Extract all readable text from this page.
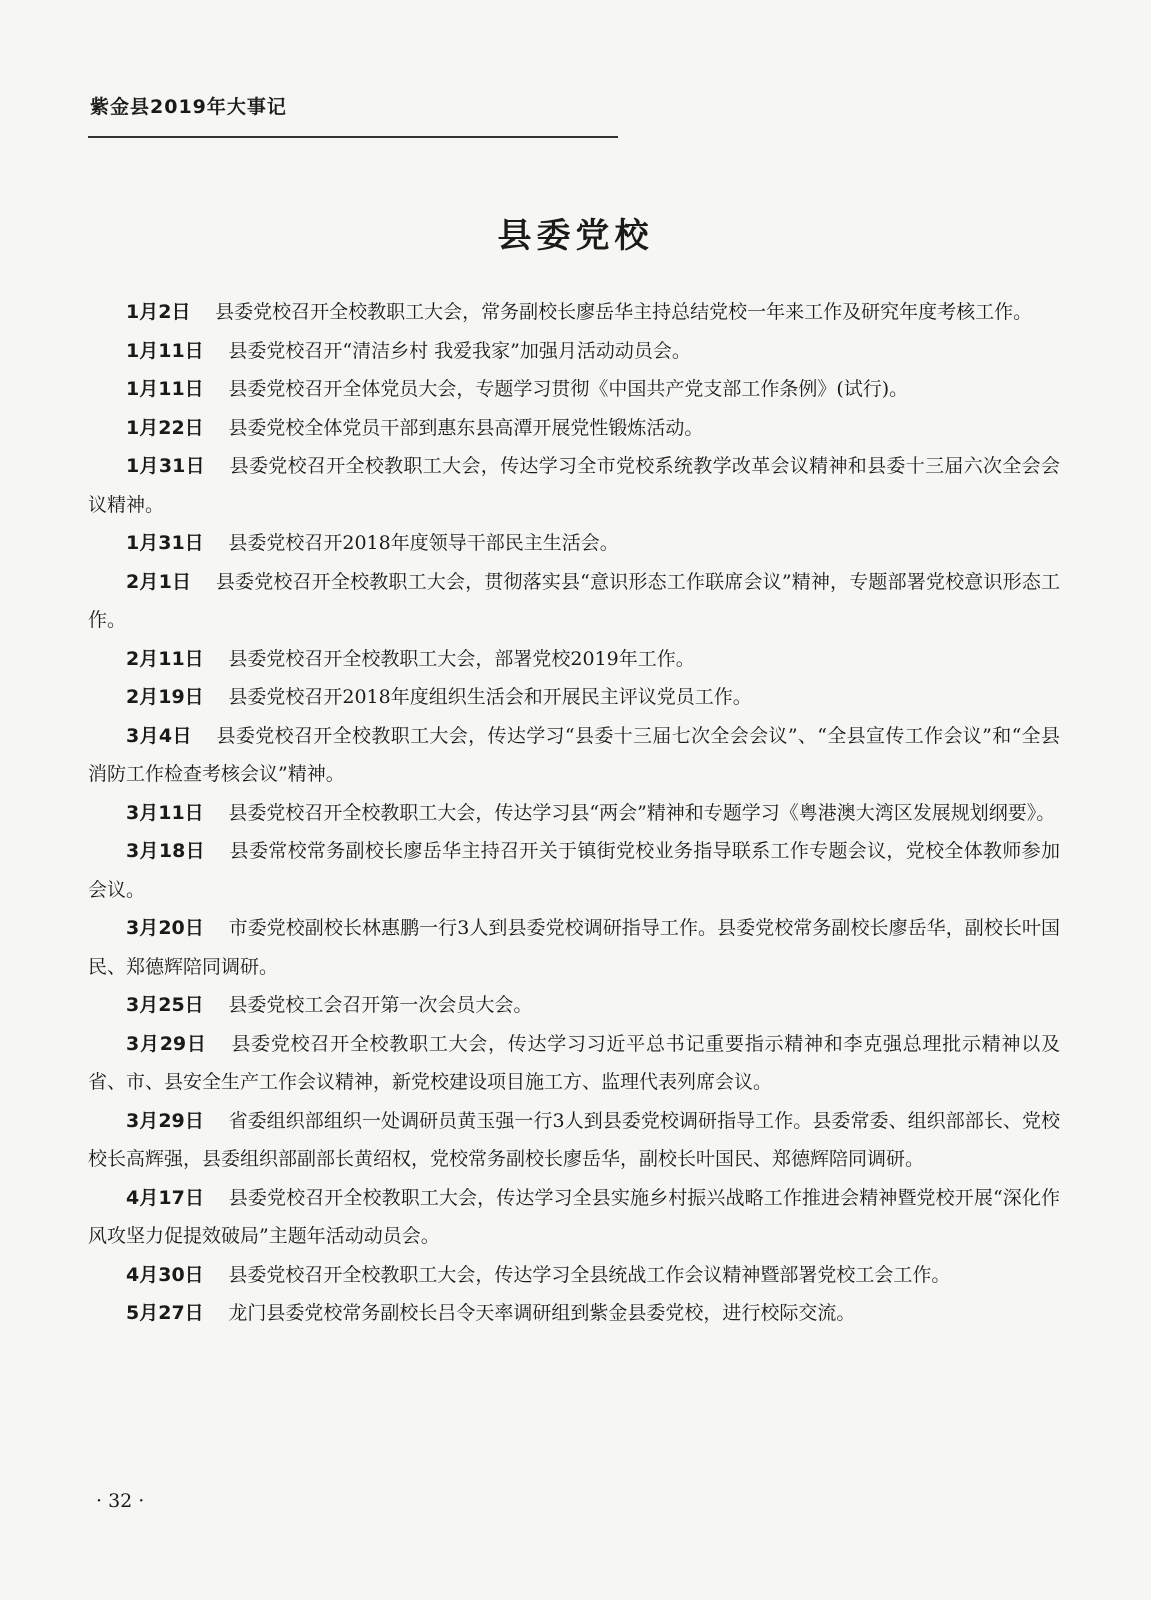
紫金县2019年大事记
县委党校

1月2日 县委党校召开全校教职工大会，常务副校长廖岳华主持总结党校一年来工作及研究年度考核工作。

1月11日 县委党校召开“清洁乡村 我爱我家”加强月活动动员会。

1月11日 县委党校召开全体党员大会，专题学习贯彻《中国共产党支部工作条例》(试行)。

1月22日 县委党校全体党员干部到惠东县高潭开展党性锻炼活动。

1月31日 县委党校召开全校教职工大会，传达学习全市党校系统教学改革会议精神和县委十三届六次全会会议精神。

1月31日 县委党校召开2018年度领导干部民主生活会。

2月1日 县委党校召开全校教职工大会，贯彻落实县“意识形态工作联席会议”精神，专题部署党校意识形态工作。

2月11日 县委党校召开全校教职工大会，部署党校2019年工作。

2月19日 县委党校召开2018年度组织生活会和开展民主评议党员工作。

3月4日 县委党校召开全校教职工大会，传达学习“县委十三届七次全会会议”、“全县宣传工作会议”和“全县消防工作检查考核会议”精神。

3月11日 县委党校召开全校教职工大会，传达学习县“两会”精神和专题学习《粤港澳大湾区发展规划纲要》。

3月18日 县委常校常务副校长廖岳华主持召开关于镇街党校业务指导联系工作专题会议，党校全体教师参加会议。

3月20日 市委党校副校长林惠鹏一行3人到县委党校调研指导工作。县委党校常务副校长廖岳华，副校长叶国民、郑德辉陪同调研。

3月25日 县委党校工会召开第一次会员大会。

3月29日 县委党校召开全校教职工大会，传达学习习近平总书记重要指示精神和李克强总理批示精神以及省、市、县安全生产工作会议精神，新党校建设项目施工方、监理代表列席会议。

3月29日 省委组织部组织一处调研员黄玉强一行3人到县委党校调研指导工作。县委常委、组织部部长、党校校长高辉强，县委组织部副部长黄绍权，党校常务副校长廖岳华，副校长叶国民、郑德辉陪同调研。

4月17日 县委党校召开全校教职工大会，传达学习全县实施乡村振兴战略工作推进会精神暨党校开展“深化作风攻坚力促提效破局”主题年活动动员会。

4月30日 县委党校召开全校教职工大会，传达学习全县统战工作会议精神暨部署党校工会工作。

5月27日 龙门县委党校常务副校长吕令天率调研组到紫金县委党校，进行校际交流。

· 32 ·
